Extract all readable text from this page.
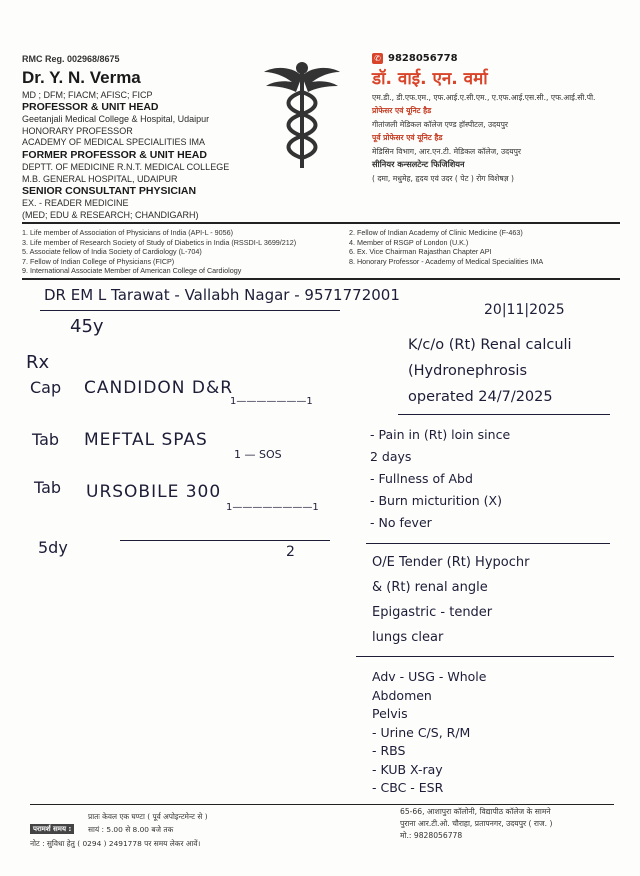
RMC Reg. 002968/8675
Dr. Y. N. Verma
MD ; DFM; FIACM; AFISC; FICP
PROFESSOR & UNIT HEAD
Geetanjali Medical College & Hospital, Udaipur
HONORARY PROFESSOR
ACADEMY OF MEDICAL SPECIALITIES IMA
FORMER PROFESSOR & UNIT HEAD
DEPTT. OF MEDICINE R.N.T. MEDICAL COLLEGE
M.B. GENERAL HOSPITAL, UDAIPUR
SENIOR CONSULTANT PHYSICIAN
EX. - READER MEDICINE
(MED; EDU & RESEARCH; CHANDIGARH)
✆ 9828056778
डॉ. वाई. एन. वर्मा
एम.डी., डी.एफ.एम., एफ.आई.ए.सी.एम., ए.एफ.आई.एस.सी., एफ.आई.सी.पी.
प्रोफेसर एवं यूनिट हैड
गीतांजली मेडिकल कॉलेज एण्ड हॉस्पीटल, उदयपुर
पूर्व प्रोफेसर एवं यूनिट हैड
मेडिसिन विभाग, आर.एन.टी. मेडिकल कॉलेज, उदयपुर
सीनियर कन्सलटेन्ट फिजिशियन
( दमा, मधुमेह, हृदय एवं उदर ( पेट ) रोग विशेषज्ञ )
1. Life member of Association of Physicians of India (API-L - 9056)
3. Life member of Research Society of Study of Diabetics in India (RSSDI-L 3699/212)
5. Associate fellow of India Society of Cardiology (L-704)
7. Fellow of Indian College of Physicians (FICP)
9. International Associate Member of American College of Cardiology
2. Fellow of Indian Academy of Clinic Medicine (F-463)
4. Member of RSGP of London (U.K.)
6. Ex. Vice Chairman Rajasthan Chapter API
8. Honorary Professor - Academy of Medical Specialities IMA
DR EM L Tarawat - Vallabh Nagar - 9571772001
45y
20|11|2025
Rx
Cap CANDIDON D&R
1———————1
Tab MEFTAL SPAS
1 — SOS
Tab URSOBILE 300
1————————1
5dy	2
K/c/o (Rt) Renal calculi
(Hydronephrosis
operated 24/7/2025
- Pain in (Rt) loin since
2 days
- Fullness of Abd
- Burn micturition (X)
- No fever
O/E Tender (Rt) Hypochr
& (Rt) renal angle
Epigastric - tender
lungs clear
Adv - USG - Whole
Abdomen
Pelvis
- Urine C/S, R/M
- RBS
- KUB X-ray
- CBC - ESR
परामर्श समय :
प्रातः केवल एक घण्टा ( पूर्व अपोइन्टमेन्ट से )
सायं : 5.00 से 8.00 बजे तक
नोट : सुविधा हेतु ( 0294 ) 2491778 पर समय लेकर आवें।
65-66, आशापुरा कॉलोनी, विद्यापीठ कॉलेज के सामने
पुराना आर.टी.ओ. चौराहा, प्रतापनगर, उदयपुर ( राज. )
मो.: 9828056778
